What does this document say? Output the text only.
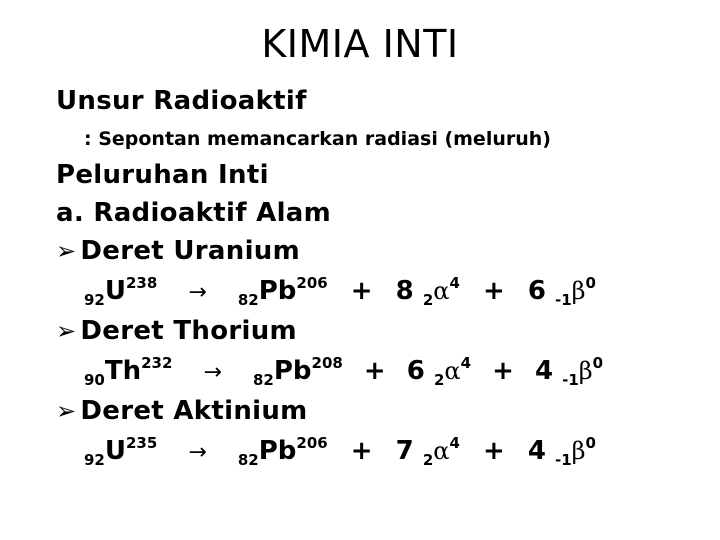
KIMIA INTI
Unsur Radioaktif
: Sepontan memancarkan radiasi (meluruh)
Peluruhan Inti
a. Radioaktif Alam
➢ Deret Uranium
$_{92}U^{238} \to _{82}Pb^{206} + 8$ $_2\alpha^4 + 6$ $_{-1}\beta^0$
➢ Deret Thorium
$_{90}Th^{232} \to _{82}Pb^{208} + 6$ $_2\alpha^4 + 4$ $_{-1}\beta^0$
➢ Deret Aktinium
$_{92}U^{235} \to _{82}Pb^{206} + 7$ $_2\alpha^4 + 4$ $_{-1}\beta^0$
